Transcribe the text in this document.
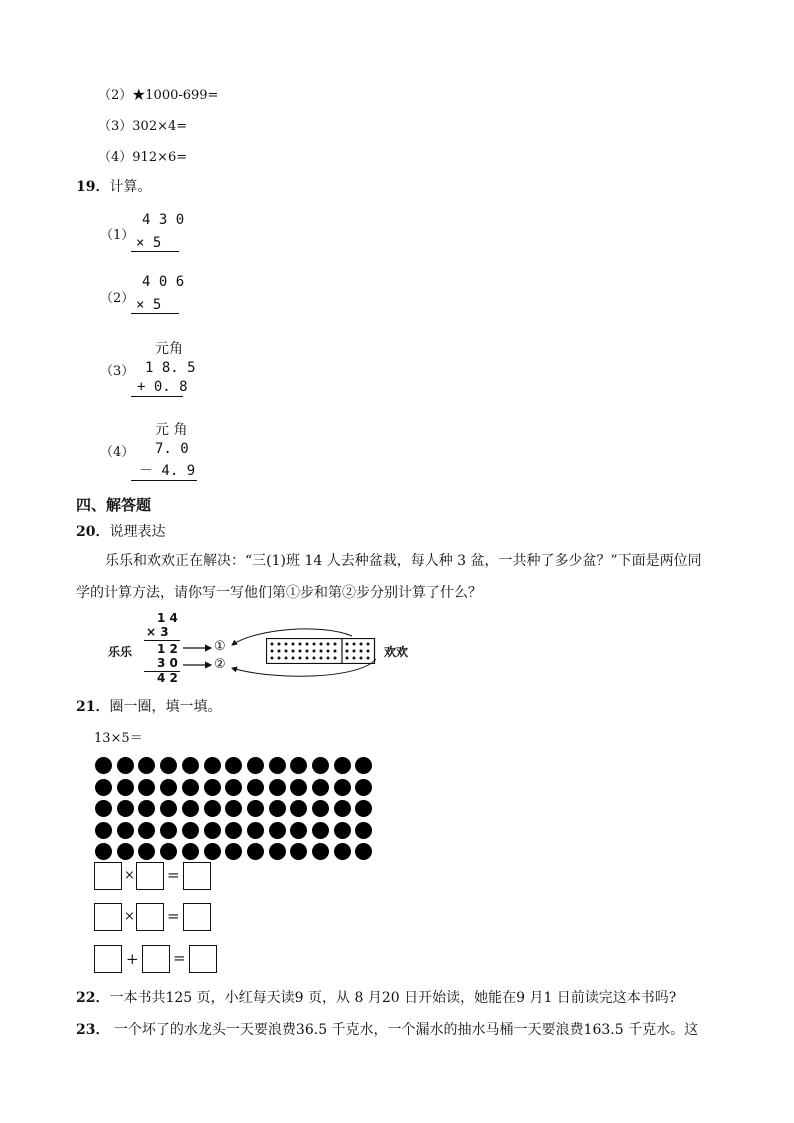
（2）★1000-699=
（3）302×4=
（4）912×6=
19．计算。
（1）
4 3 0
× 5
（2）
4 0 6
× 5
（3）
元角
1 8. 5
+ 0. 8
（4）
元 角
7. 0
－ 4. 9
四、解答题
20．说理表达
乐乐和欢欢正在解决：“三(1)班 14 人去种盆栽，每人种 3 盆，一共种了多少盆？”下面是两位同
学的计算方法，请你写一写他们第①步和第②步分别计算了什么？
乐乐
1 4
× 3
1 2
3 0
4 2
①
②
欢欢
21．圈一圈，填一填。
13×5＝
× =
× =
+ =
22．一本书共125 页，小红每天读9 页，从 8 月20 日开始读，她能在9 月1 日前读完这本书吗?
23． 一个坏了的水龙头一天要浪费36.5 千克水，一个漏水的抽水马桶一天要浪费163.5 千克水。这
